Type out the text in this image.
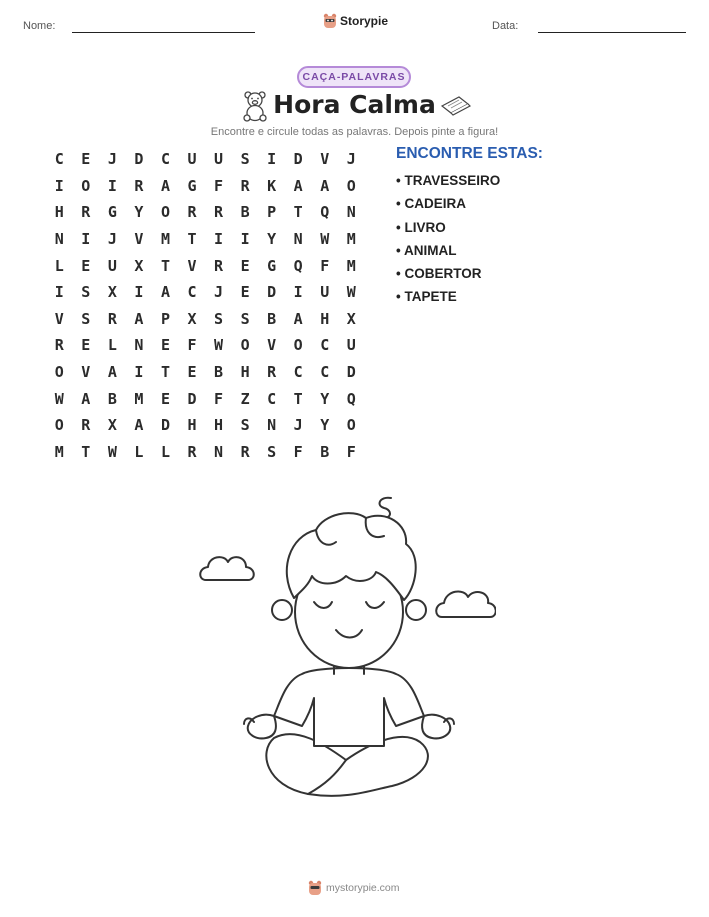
Nome:	Storypie	Data:
CAÇA-PALAVRAS
Hora Calma
Encontre e circule todas as palavras. Depois pinte a figura!
C	E	J	D	C	U	U	S	I	D	V	J
I	O	I	R	A	G	F	R	K	A	A	O
H	R	G	Y	O	R	R	B	P	T	Q	N
N	I	J	V	M	T	I	I	Y	N	W	M
L	E	U	X	T	V	R	E	G	Q	F	M
I	S	X	I	A	C	J	E	D	I	U	W
V	S	R	A	P	X	S	S	B	A	H	X
R	E	L	N	E	F	W	O	V	O	C	U
O	V	A	I	T	E	B	H	R	C	C	D
W	A	B	M	E	D	F	Z	C	T	Y	Q
O	R	X	A	D	H	H	S	N	J	Y	O
M	T	W	L	L	R	N	R	S	F	B	F
ENCONTRE ESTAS:
• TRAVESSEIRO
• CADEIRA
• LIVRO
• ANIMAL
• COBERTOR
• TAPETE
mystorypie.com
